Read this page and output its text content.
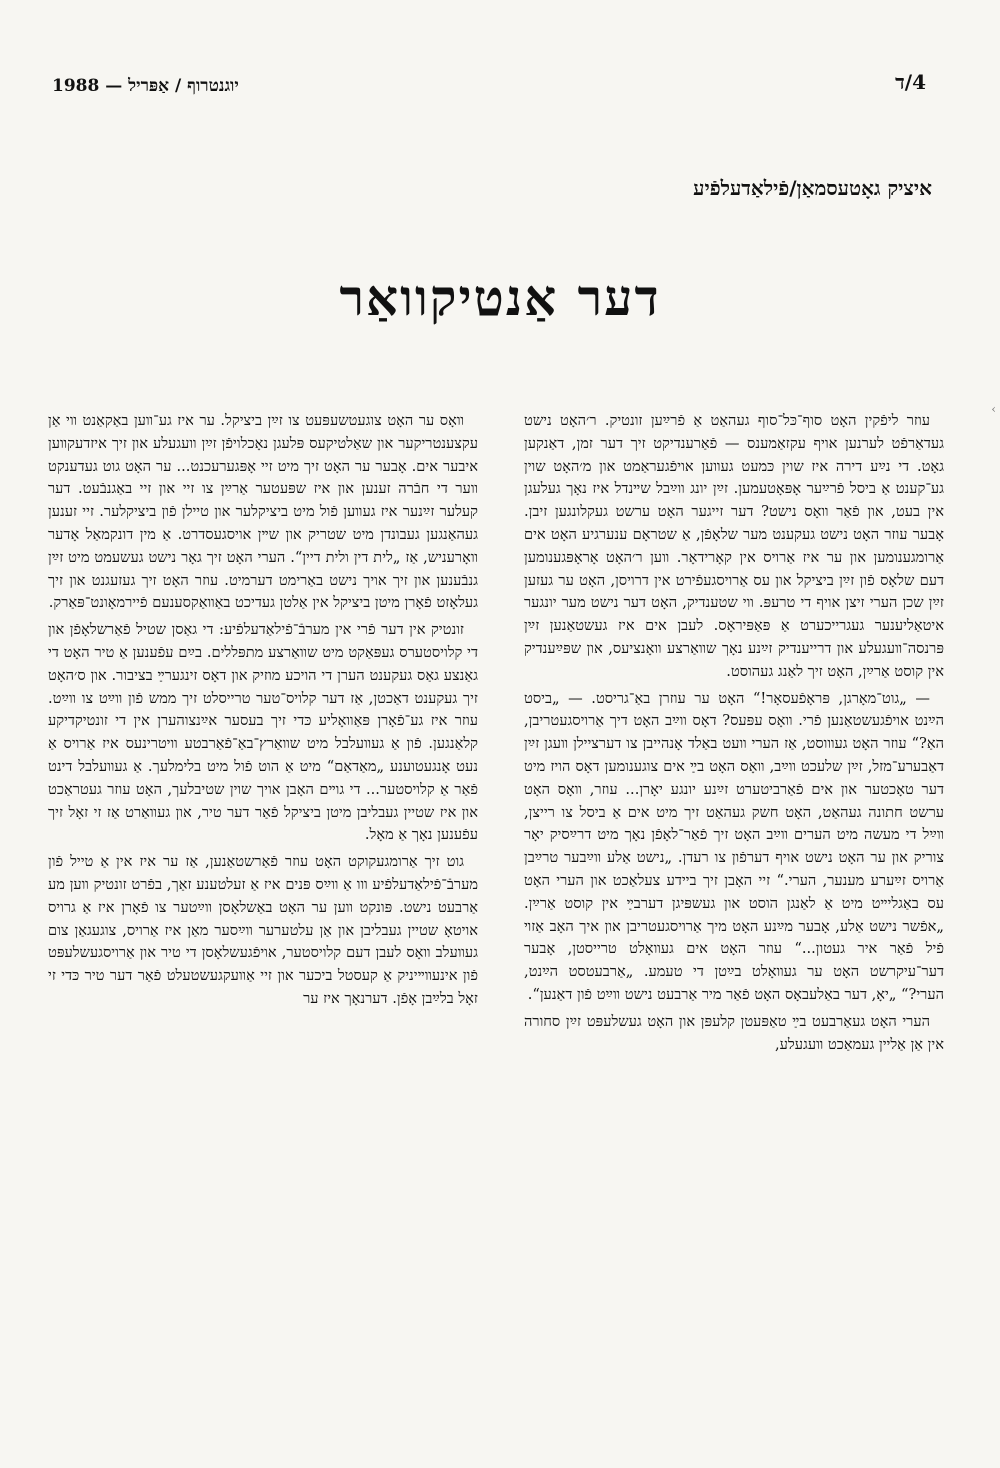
4/ד
יוגנטרוף / אַפּריל — 1988
איציק גאָטעסמאַן/פֿילאַדעלפֿיע
דער אַנטיקוואַר
›

עוזר ליפֿקין האָט סוף־כּל־סוף געהאַט אַ פֿרײַען זונטיק. ר׳האָט נישט געדאַרפֿט לערנען אויף עקזאַמענס — פֿאַרענדיקט זיך דער זמן, דאַנקען גאָט. די נײַע דירה איז שוין כּמעט געװען אויפֿגעראַמט און מ׳האָט שוין גע־קענט אַ ביסל פֿרײַער אָפּאָטעמען. זײַן יונג װײַבל שײנדל איז נאָך געלעגן אין בעט, און פֿאַר װאָס נישט? דער זייגער האָט ערשט געקלונגען זיבן. אָבער עוזר האָט נישט געקענט מער שלאָפֿן, אַ שטראָם ענערגיע האָט אים אַרומגענומען און ער איז אַרויס אין קאָרידאָר. װען ר׳האָט אָראָפּגענומען דעם שלאָס פֿון זײַן ביציקל און עס אַרויסגעפֿירט אין דרויסן, האָט ער געזען זײַן שכן הערי זיצן אויף די טרעפּ. װי שטענדיק, האָט דער נישט מער יונגער איטאַליענער געגרייכערט אַ פּאַפּיראָס. לעבן אים איז געשטאַנען זײַן פּרנסה־װעגעלע און דרייענדיק זײַנע נאָך שװאַרצע װאָנציעס, און שפּײַענדיק אין קוסט אַרײַן, האָט זיך לאַנג געהוסט.

— „גוט־מאָרגן, פּראָפֿעסאָר!“ האָט ער עוזרן באַ־גריסט. — „ביסט הײַנט אויפֿגעשטאַנען פֿרי. װאָס עפּעס? דאָס װײַב האָט דיך אַרויסגעטריבן, האַ?“ עוזר האָט געװוסט, אַז הערי װעט באַלד אָנהייבן צו דערציילן װעגן זײַן דאַבערע־מזל, זײַן שלעכט װײַב, װאָס האָט בײַ אים צוגענומען דאָס הויז מיט דער טאָכטער און אים פֿאַרביטערט זײַנע יונגע יאָרן... עוזר, װאָס האָט ערשט חתונה געהאַט, האָט חשק געהאַט זיך מיט אים אַ ביסל צו רייצן, װײַל די מעשה מיט הערים װײַב האָט זיך פֿאַר־לאָפֿן נאָך מיט דרײַסיק יאָר צוריק און ער האָט נישט אויף דערפֿון צו רעדן. „נישט אַלע װײַבער טרײַבן אַרויס זײַערע מענער, הערי.“ זיי האָבן זיך ביידע צעלאַכט און הערי האָט עס באַגליײט מיט אַ לאַנגן הוסט און געשפּיגן דערבײַ אין קוסט אַרײַן. „אפֿשר נישט אַלע, אָבער מײַנע האָט מיך אַרויסגעטריבן און איך האָב אַזױ פֿיל פֿאַר איר געטון...“ עוזר האָט אים געװאָלט טרייסטן, אָבער דער־עיקרשט האָט ער געװאָלט בײַטן די טעמע. „אַרבעטסט הײַנט, הערי?“ „יאָ, דער באַלעבאָס האָט פֿאַר מיר אַרבעט נישט װײַט פֿון דאַנען“.

הערי האָט געאַרבעט בײַ טאַפּעטן קלעפּן און האָט געשלעפּט זײַן סחורה אין אַן אַליין געמאַכט װעגעלע,

װאָס ער האָט צוגעטשעפּעט צו זײַן ביציקל. ער איז גע־װען באַקאַנט װי אַן עקצענטריקער און שאַלטיקעס פּלעגן נאָכלויפֿן זײַן װעגעלע און זיך איזדעקװען איבער אים. אָבער ער האָט זיך מיט זיי אָפּגערעכנט... ער האָט גוט געדענקט װער די חבֿרה זענען און איז שפּעטער אַרײַן צו זיי און זיי באַגנבֿעט. דער קעלער זײַנער איז געװען פֿול מיט ביציקלער און טיילן פֿון ביציקלער. זיי זענען געהאַנגען געבונדן מיט שטריק און שײן אויסגעסדרט. אַ מין דונקמאַל אָדער װאָרעניש, אַז „לית דין ולית דיין“. הערי האָט זיך גאָר נישט געשעמט מיט זײַן גנבֿענען און זיך אויך נישט באַרימט דערמיט. עוזר האָט זיך געזעגנט און זיך געלאָזט פֿאָרן מיטן ביציקל אין אַלטן געדיכט באַװאַקסענעם פֿיירמאָונט־פּאַרק.

זונטיק אין דער פֿרי אין מערבֿ־פֿילאַדעלפֿיע: די גאַסן שטיל פֿאַרשלאָפֿן און די קלויסטערס געפּאַקט מיט שװאַרצע מתפּללים. בײַם עפֿענען אַ טיר האָט די גאַנצע גאַס געקענט הערן די הויכע מוזיק און דאָס זינגערײַ בציבור. און ס׳האָט זיך געקענט דאַכטן, אַז דער קלויס־טער טרייסלט זיך ממש פֿון װײַט צו װײַט. עוזר איז גע־פֿאָרן פּאַװאָליע כּדי זיך בעסער אײַנצוהערן אין די זונטיקדיקע קלאַנגען. פֿון אַ געװעלבל מיט שװאַרץ־באַ־פֿאַרבטע װיטרינעס איז אַרויס אַ נעט אָנגעטוענע „מאַדאַם“ מיט אַ הוט פֿול מיט בלימלעך. אַ געװעלבל דינט פֿאַר אַ קלויסטער... די גוײם האָבן אויך שוין שטיבלעך, האָט עוזר געטראַכט און איז שטיין געבליבן מיטן ביציקל פֿאַר דער טיר, און געװאַרט אַז זי זאָל זיך עפֿענען נאָך אַ מאָל.

גוט זיך אַרומגעקוקט האָט עוזר פֿאַרשטאַנען, אַז ער איז אין אַ טייל פֿון מערבֿ־פֿילאַדעלפֿיע װו אַ װײַס פּנים איז אַ זעלטענע זאַך, בפֿרט זונטיק װען מע אַרבעט נישט. פּונקט װען ער האָט באַשלאָסן װײַטער צו פֿאָרן איז אַ גרויס אויטאָ שטיין געבליבן און אַן עלטערער װײַסער מאַן איז אַרויס, צוגעגאַן צום געװעלב װאָס לעבן דעם קלויסטער, אויפֿגעשלאָסן די טיר און אַרויסגעשלעפּט פֿון אינעװײיניק אַ קעסטל ביכער און זיי אַװעקגעשטעלט פֿאַר דער טיר כּדי זי זאָל בלײַבן אָפֿן. דערנאָך איז ער
